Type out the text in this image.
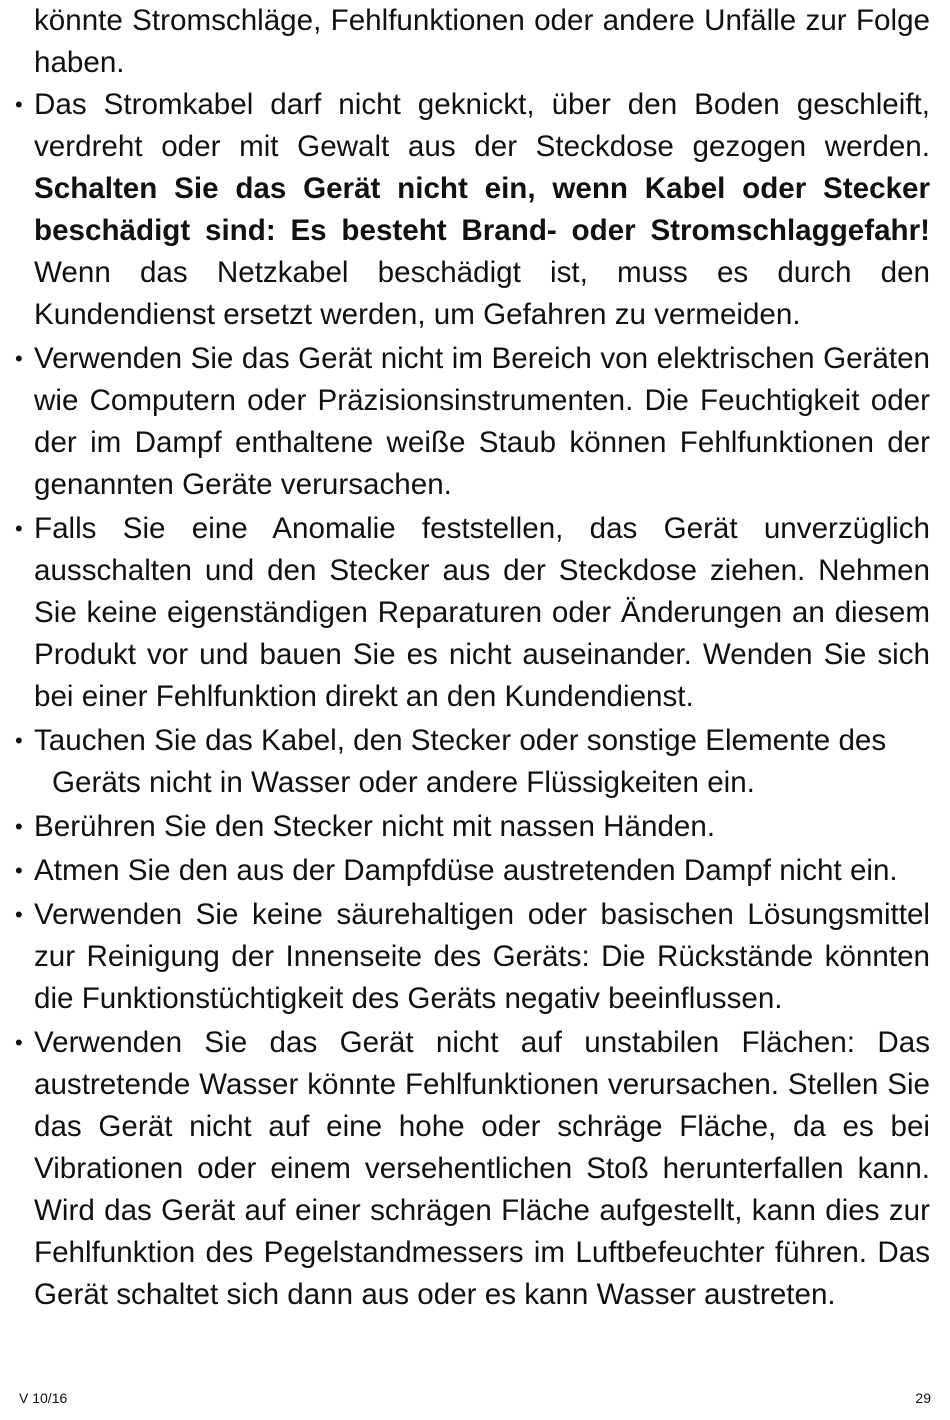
könnte Stromschläge, Fehlfunktionen oder andere Unfälle zur Folge haben.

• Das Stromkabel darf nicht geknickt, über den Boden geschleift, verdreht oder mit Gewalt aus der Steckdose gezogen werden. Schalten Sie das Gerät nicht ein, wenn Kabel oder Stecker beschädigt sind: Es besteht Brand- oder Stromschlaggefahr! Wenn das Netzkabel beschädigt ist, muss es durch den Kundendienst ersetzt werden, um Gefahren zu vermeiden.
• Verwenden Sie das Gerät nicht im Bereich von elektrischen Geräten wie Computern oder Präzisionsinstrumenten. Die Feuchtigkeit oder der im Dampf enthaltene weiße Staub können Fehlfunktionen der genannten Geräte verursachen.
• Falls Sie eine Anomalie feststellen, das Gerät unverzüglich ausschalten und den Stecker aus der Steckdose ziehen. Nehmen Sie keine eigenständigen Reparaturen oder Änderungen an diesem Produkt vor und bauen Sie es nicht auseinander. Wenden Sie sich bei einer Fehlfunktion direkt an den Kundendienst.
• Tauchen Sie das Kabel, den Stecker oder sonstige Elemente des
Geräts nicht in Wasser oder andere Flüssigkeiten ein.
• Berühren Sie den Stecker nicht mit nassen Händen.
• Atmen Sie den aus der Dampfdüse austretenden Dampf nicht ein.
• Verwenden Sie keine säurehaltigen oder basischen Lösungsmittel zur Reinigung der Innenseite des Geräts: Die Rückstände könnten die Funktionstüchtigkeit des Geräts negativ beeinflussen.
• Verwenden Sie das Gerät nicht auf unstabilen Flächen: Das austretende Wasser könnte Fehlfunktionen verursachen. Stellen Sie das Gerät nicht auf eine hohe oder schräge Fläche, da es bei Vibrationen oder einem versehentlichen Stoß herunterfallen kann. Wird das Gerät auf einer schrägen Fläche aufgestellt, kann dies zur Fehlfunktion des Pegelstandmessers im Luftbefeuchter führen. Das Gerät schaltet sich dann aus oder es kann Wasser austreten.
V 10/16	29
